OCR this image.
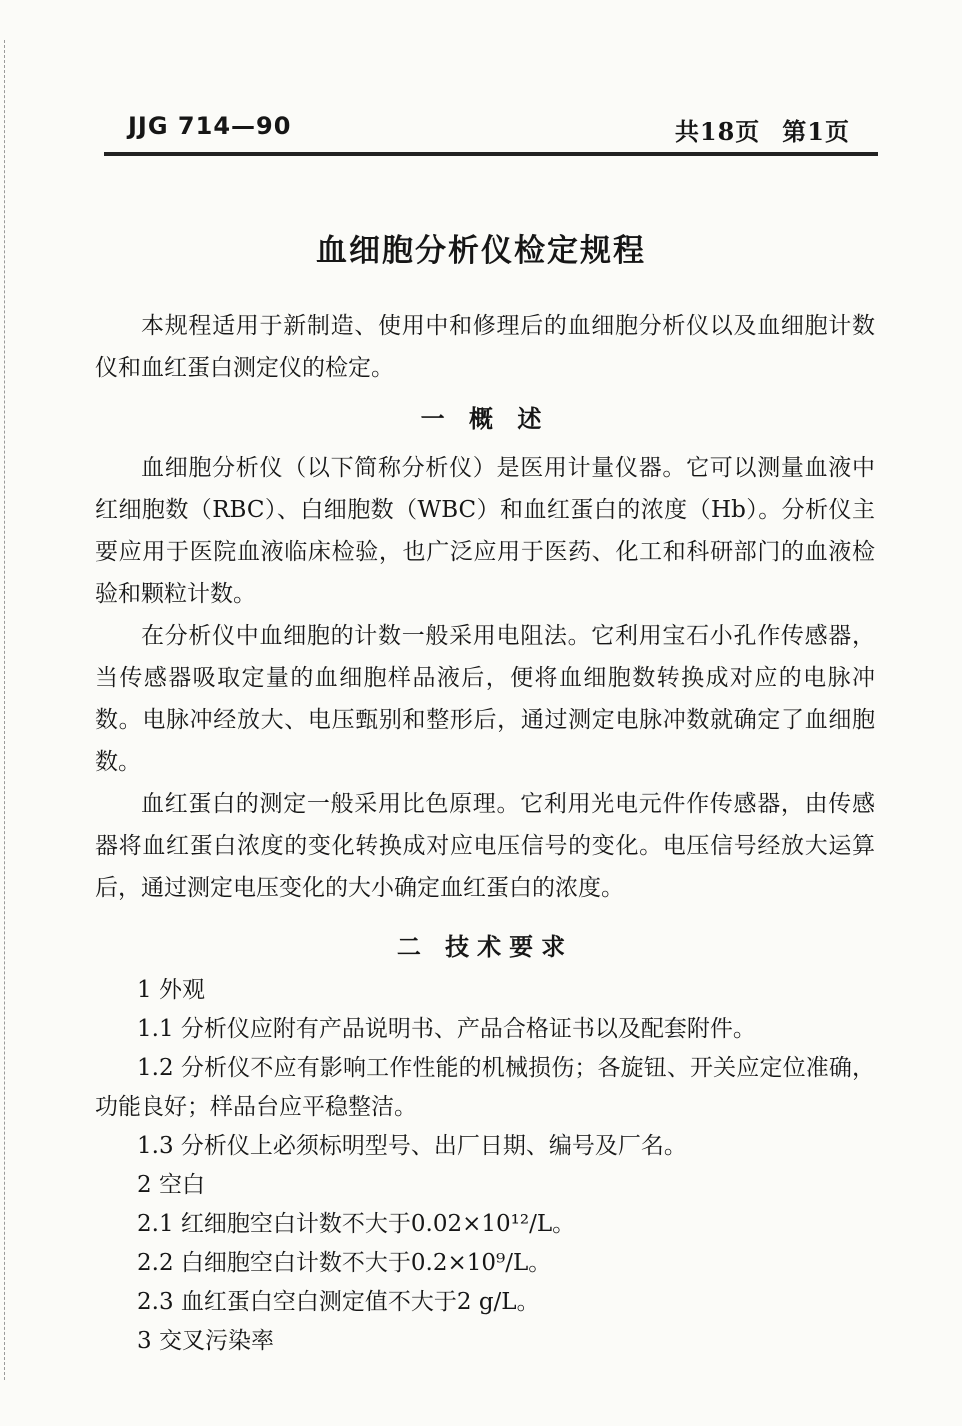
JJG 714—90	共18页 第1页
血细胞分析仪检定规程

本规程适用于新制造、使用中和修理后的血细胞分析仪以及血细胞计数仪和血红蛋白测定仪的检定。

一 概 述

血细胞分析仪（以下简称分析仪）是医用计量仪器。它可以测量血液中红细胞数（RBC）、白细胞数（WBC）和血红蛋白的浓度（Hb）。分析仪主要应用于医院血液临床检验，也广泛应用于医药、化工和科研部门的血液检验和颗粒计数。

在分析仪中血细胞的计数一般采用电阻法。它利用宝石小孔作传感器，当传感器吸取定量的血细胞样品液后，便将血细胞数转换成对应的电脉冲数。电脉冲经放大、电压甄别和整形后，通过测定电脉冲数就确定了血细胞数。

血红蛋白的测定一般采用比色原理。它利用光电元件作传感器，由传感器将血红蛋白浓度的变化转换成对应电压信号的变化。电压信号经放大运算后，通过测定电压变化的大小确定血红蛋白的浓度。

二 技术要求

1 外观

1.1 分析仪应附有产品说明书、产品合格证书以及配套附件。

1.2 分析仪不应有影响工作性能的机械损伤；各旋钮、开关应定位准确，功能良好；样品台应平稳整洁。

1.3 分析仪上必须标明型号、出厂日期、编号及厂名。

2 空白

2.1 红细胞空白计数不大于0.02×10¹²/L。

2.2 白细胞空白计数不大于0.2×10⁹/L。

2.3 血红蛋白空白测定值不大于2 g/L。

3 交叉污染率
